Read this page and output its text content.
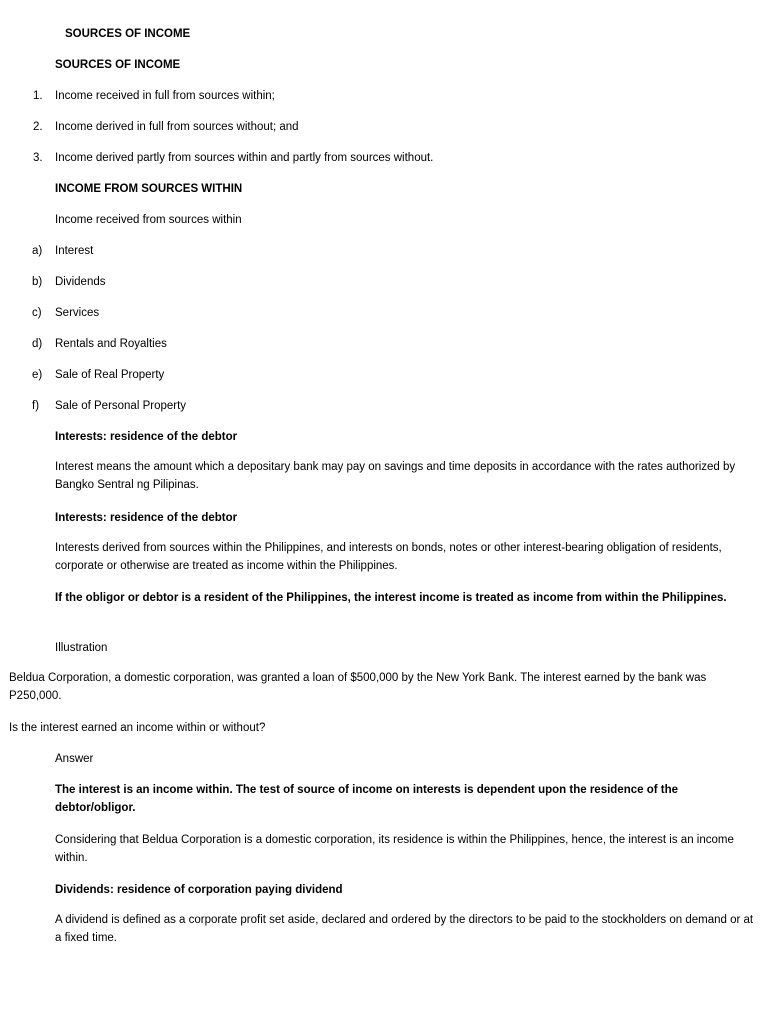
SOURCES OF INCOME

SOURCES OF INCOME

1. Income received in full from sources within;
2. Income derived in full from sources without; and
3. Income derived partly from sources within and partly from sources without.

INCOME FROM SOURCES WITHIN

Income received from sources within

a) Interest
b) Dividends
c) Services
d) Rentals and Royalties
e) Sale of Real Property
f) Sale of Personal Property

Interests: residence of the debtor

Interest means the amount which a depositary bank may pay on savings and time deposits in accordance with the rates authorized by Bangko Sentral ng Pilipinas.

Interests: residence of the debtor

Interests derived from sources within the Philippines, and interests on bonds, notes or other interest-bearing obligation of residents, corporate or otherwise are treated as income within the Philippines.

If the obligor or debtor is a resident of the Philippines, the interest income is treated as income from within the Philippines.

Illustration

Beldua Corporation, a domestic corporation, was granted a loan of $500,000 by the New York Bank. The interest earned by the bank was P250,000.

Is the interest earned an income within or without?

Answer

The interest is an income within. The test of source of income on interests is dependent upon the residence of the debtor/obligor.

Considering that Beldua Corporation is a domestic corporation, its residence is within the Philippines, hence, the interest is an income within.

Dividends: residence of corporation paying dividend

A dividend is defined as a corporate profit set aside, declared and ordered by the directors to be paid to the stockholders on demand or at a fixed time.
